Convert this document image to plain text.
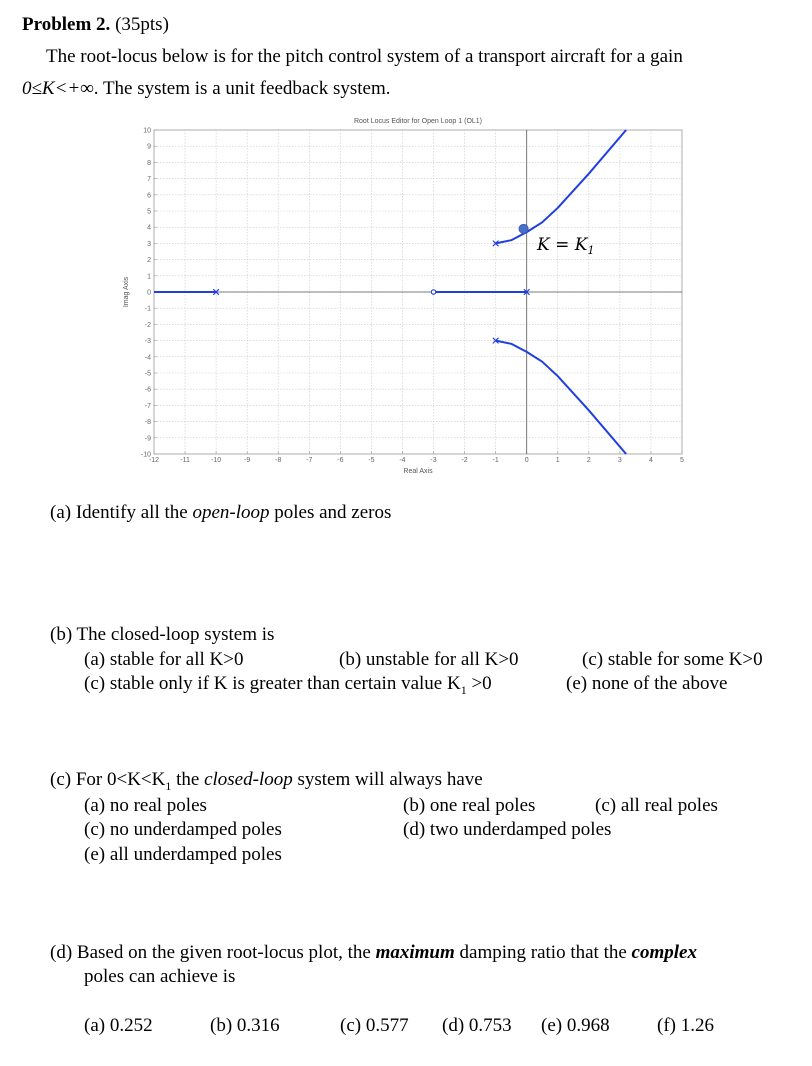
Problem 2. (35pts)
The root-locus below is for the pitch control system of a transport aircraft for a gain
0≤K<+∞. The system is a unit feedback system.
-12	-11	-10	-9	-8	-7	-6	-5	-4	-3	-2	-1	0	1	2	3	4	5
10
9
8
7
6
5
4
3
2
1
0
-1
-2
-3
-4
-5
-6
-7
-8
-9
-10
Root Locus Editor for Open Loop 1 (OL1)
Real Axis
Imag Axis
$K = K_1$
(a) Identify all the open-loop poles and zeros
(b) The closed-loop system is
(a) stable for all K>0	(b) unstable for all K>0	(c) stable for some K>0
(c) stable only if K is greater than certain value $K_1 >0$	(e) none of the above
(c) For $0<K<K_1$ the closed-loop system will always have
(a) no real poles	(b) one real poles	(c) all real poles
(c) no underdamped poles	(d) two underdamped poles
(e) all underdamped poles
(d) Based on the given root-locus plot, the maximum damping ratio that the complex
poles can achieve is
(a) 0.252	(b) 0.316	(c) 0.577 (d) 0.753 (e) 0.968 (f) 1.26
